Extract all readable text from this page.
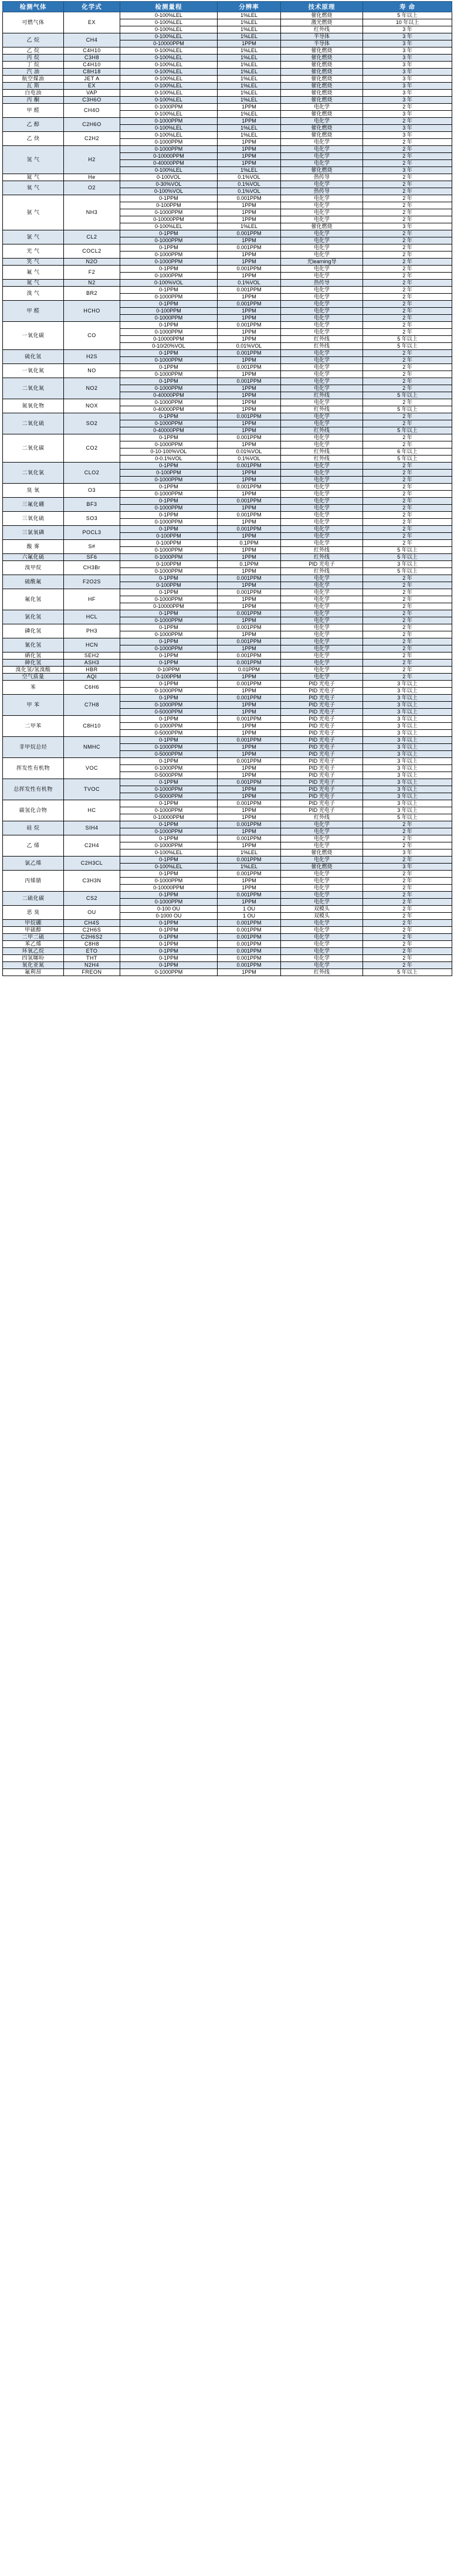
检测气体	化学式	检测量程	分辨率	技术原理	寿 命
可燃气体	EX	0-100%LEL	1%LEL	催化燃烧	5 年以上
		0-100%LEL	1%LEL	激光燃烧	10 年以上
		0-100%LEL	1%LEL	红外线	3 年
乙 烷	CH4	0-100%LEL	1%LEL	半导体	3 年
		0-10000PPM	1PPM	半导体	3 年
乙 烷	C4H10	0-100%LEL	1%LEL	催化燃烧	3 年
丙 烷	C3H8	0-100%LEL	1%LEL	催化燃烧	3 年
丁 烷	C4H10	0-100%LEL	1%LEL	催化燃烧	3 年
汽 油	C8H18	0-100%LEL	1%LEL	催化燃烧	3 年
航空煤油	JET A	0-100%LEL	1%LEL	催化燃烧	3 年
瓦 斯	EX	0-100%LEL	1%LEL	催化燃烧	3 年
白电油	VAP	0-100%LEL	1%LEL	催化燃烧	3 年
丙 酮	C3H6O	0-100%LEL	1%LEL	催化燃烧	3 年
甲 醛	CH4O	0-1000PPM	1PPM	电化学	2 年
		0-100%LEL	1%LEL	催化燃烧	3 年
乙 醇	C2H6O	0-1000PPM	1PPM	电化学	2 年
		0-100%LEL	1%LEL	催化燃烧	3 年
乙 炔	C2H2	0-100%LEL	1%LEL	催化燃烧	3 年
		0-1000PPM	1PPM	电化学	2 年
氢 气	H2	0-1000PPM	1PPM	电化学	2 年
		0-10000PPM	1PPM	电化学	2 年
		0-40000PPM	1PPM	电化学	2 年
		0-100%LEL	1%LEL	催化燃烧	3 年
氦 气	He	0-100VOL	0.1%VOL	热传导	2 年
氧 气	O2	0-30%VOL	0.1%VOL	电化学	2 年
		0-100%VOL	0.1%VOL	热传导	2 年
氨 气	NH3	0-1PPM	0.001PPM	电化学	2 年
		0-100PPM	1PPM	电化学	2 年
		0-1000PPM	1PPM	电化学	2 年
		0-10000PPM	1PPM	电化学	2 年
		0-100%LEL	1%LEL	催化燃烧	3 年
氯 气	CL2	0-1PPM	0.001PPM	电化学	2 年
		0-1000PPM	1PPM	电化学	2 年
光 气	COCL2	0-1PPM	0.001PPM	电化学	2 年
		0-1000PPM	1PPM	电化学	2 年
笑 气	N2O	0-1000PPM	1PPM	光learning导	2 年
氟 气	F2	0-1PPM	0.001PPM	电化学	2 年
		0-1000PPM	1PPM	电化学	2 年
氮 气	N2	0-100%VOL	0.1%VOL	热传导	2 年
溴 气	BR2	0-1PPM	0.001PPM	电化学	2 年
		0-1000PPM	1PPM	电化学	2 年
甲 醛	HCHO	0-1PPM	0.001PPM	电化学	2 年
		0-100PPM	1PPM	电化学	2 年
		0-1000PPM	1PPM	电化学	2 年
一氧化碳	CO	0-1PPM	0.001PPM	电化学	2 年
		0-1000PPM	1PPM	电化学	2 年
		0-10000PPM	1PPM	红外线	5 年以上
		0-10/20%VOL	0.01%VOL	红外线	5 年以上
硫化氢	H2S	0-1PPM	0.001PPM	电化学	2 年
		0-1000PPM	1PPM	电化学	2 年
一氧化氮	NO	0-1PPM	0.001PPM	电化学	2 年
		0-1000PPM	1PPM	电化学	2 年
二氧化氮	NO2	0-1PPM	0.001PPM	电化学	2 年
		0-1000PPM	1PPM	电化学	2 年
		0-40000PPM	1PPM	红外线	5 年以上
氮氧化物	NOX	0-1000PPM	1PPM	电化学	2 年
		0-40000PPM	1PPM	红外线	5 年以上
二氧化硫	SO2	0-1PPM	0.001PPM	电化学	2 年
		0-1000PPM	1PPM	电化学	2 年
		0-40000PPM	1PPM	红外线	5 年以上
二氧化碳	CO2	0-1PPM	0.001PPM	电化学	2 年
		0-1000PPM	1PPM	电化学	2 年
		0-10-100%VOL	0.01%VOL	红外线	6 年以上
		0-0.1%VOL	0.1%VOL	红外线	5 年以上
二氧化氯	CLO2	0-1PPM	0.001PPM	电化学	2 年
		0-100PPM	1PPM	电化学	2 年
		0-1000PPM	1PPM	电化学	2 年
臭 氧	O3	0-1PPM	0.001PPM	电化学	2 年
		0-1000PPM	1PPM	电化学	2 年
三氟化硼	BF3	0-1PPM	0.001PPM	电化学	2 年
		0-1000PPM	1PPM	电化学	2 年
三氧化硫	SO3	0-1PPM	0.001PPM	电化学	2 年
		0-1000PPM	1PPM	电化学	2 年
三氯氧磷	POCL3	0-1PPM	0.001PPM	电化学	2 年
		0-100PPM	1PPM	电化学	2 年
酸 雾	S#	0-100PPM	0.1PPM	电化学	2 年
		0-1000PPM	1PPM	红外线	5 年以上
六氟化硫	SF6	0-1000PPM	1PPM	红外线	5 年以上
溴甲烷	CH3Br	0-100PPM	0.1PPM	PID 光电子	3 年以上
		0-1000PPM	1PPM	红外线	5 年以上
硫酰氟	F2O2S	0-1PPM	0.001PPM	电化学	2 年
		0-100PPM	1PPM	电化学	2 年
氟化氢	HF	0-1PPM	0.001PPM	电化学	2 年
		0-1000PPM	1PPM	电化学	2 年
		0-10000PPM	1PPM	电化学	2 年
氯化氢	HCL	0-1PPM	0.001PPM	电化学	2 年
		0-1000PPM	1PPM	电化学	2 年
磷化氢	PH3	0-1PPM	0.001PPM	电化学	2 年
		0-1000PPM	1PPM	电化学	2 年
氰化氢	HCN	0-1PPM	0.001PPM	电化学	2 年
		0-1000PPM	1PPM	电化学	2 年
硒化氢	SEH2	0-1PPM	0.001PPM	电化学	2 年
砷化氢	ASH3	0-1PPM	0.001PPM	电化学	2 年
溴化氢/氢溴酸	HBR	0-10PPM	0.01PPM	电化学	2 年
空气质量	AQI	0-100PPM	1PPM	电化学	2 年
苯	C6H6	0-1PPM	0.001PPM	PID 光电子	3 年以上
		0-1000PPM	1PPM	PID 光电子	3 年以上
甲 苯	C7H8	0-1PPM	0.001PPM	PID 光电子	3 年以上
		0-1000PPM	1PPM	PID 光电子	3 年以上
		0-5000PPM	1PPM	PID 光电子	3 年以上
二甲苯	C8H10	0-1PPM	0.001PPM	PID 光电子	3 年以上
		0-1000PPM	1PPM	PID 光电子	3 年以上
		0-5000PPM	1PPM	PID 光电子	3 年以上
非甲烷总烃	NMHC	0-1PPM	0.001PPM	PID 光电子	3 年以上
		0-1000PPM	1PPM	PID 光电子	3 年以上
		0-5000PPM	1PPM	PID 光电子	3 年以上
挥发性有机物	VOC	0-1PPM	0.001PPM	PID 光电子	3 年以上
		0-1000PPM	1PPM	PID 光电子	3 年以上
		0-5000PPM	1PPM	PID 光电子	3 年以上
总挥发性有机物	TVOC	0-1PPM	0.001PPM	PID 光电子	3 年以上
		0-1000PPM	1PPM	PID 光电子	3 年以上
		0-5000PPM	1PPM	PID 光电子	3 年以上
碳氢化合物	HC	0-1PPM	0.001PPM	PID 光电子	3 年以上
		0-1000PPM	1PPM	PID 光电子	3 年以上
		0-10000PPM	1PPM	红外线	5 年以上
硅 烷	SIH4	0-1PPM	0.001PPM	电化学	2 年
		0-1000PPM	1PPM	电化学	2 年
乙 烯	C2H4	0-1PPM	0.001PPM	电化学	2 年
		0-1000PPM	1PPM	电化学	2 年
		0-100%LEL	1%LEL	催化燃烧	3 年
氯乙烯	C2H3CL	0-1PPM	0.001PPM	电化学	2 年
		0-100%LEL	1%LEL	催化燃烧	3 年
丙烯腈	C3H3N	0-1PPM	0.001PPM	电化学	2 年
		0-1000PPM	1PPM	电化学	2 年
		0-10000PPM	1PPM	电化学	2 年
二硫化碳	CS2	0-1PPM	0.001PPM	电化学	2 年
		0-1000PPM	1PPM	电化学	2 年
恶 臭	OU	0-100 OU	1 OU	双模头	2 年
		0-1000 OU	1 OU	双模头	2 年
甲烷硼	CH4S	0-1PPM	0.001PPM	电化学	2 年
甲硫醇	C2H6S	0-1PPM	0.001PPM	电化学	2 年
二甲二硫	C2H6S2	0-1PPM	0.001PPM	电化学	2 年
苯乙烯	C8H8	0-1PPM	0.001PPM	电化学	2 年
环氧乙烷	ETO	0-1PPM	0.001PPM	电化学	2 年
四氢噻吩	THT	0-1PPM	0.001PPM	电化学	2 年
氧化亚氮	N2H4	0-1PPM	0.001PPM	电化学	2 年
氟利昂	FREON	0-1000PPM	1PPM	红外线	5 年以上
